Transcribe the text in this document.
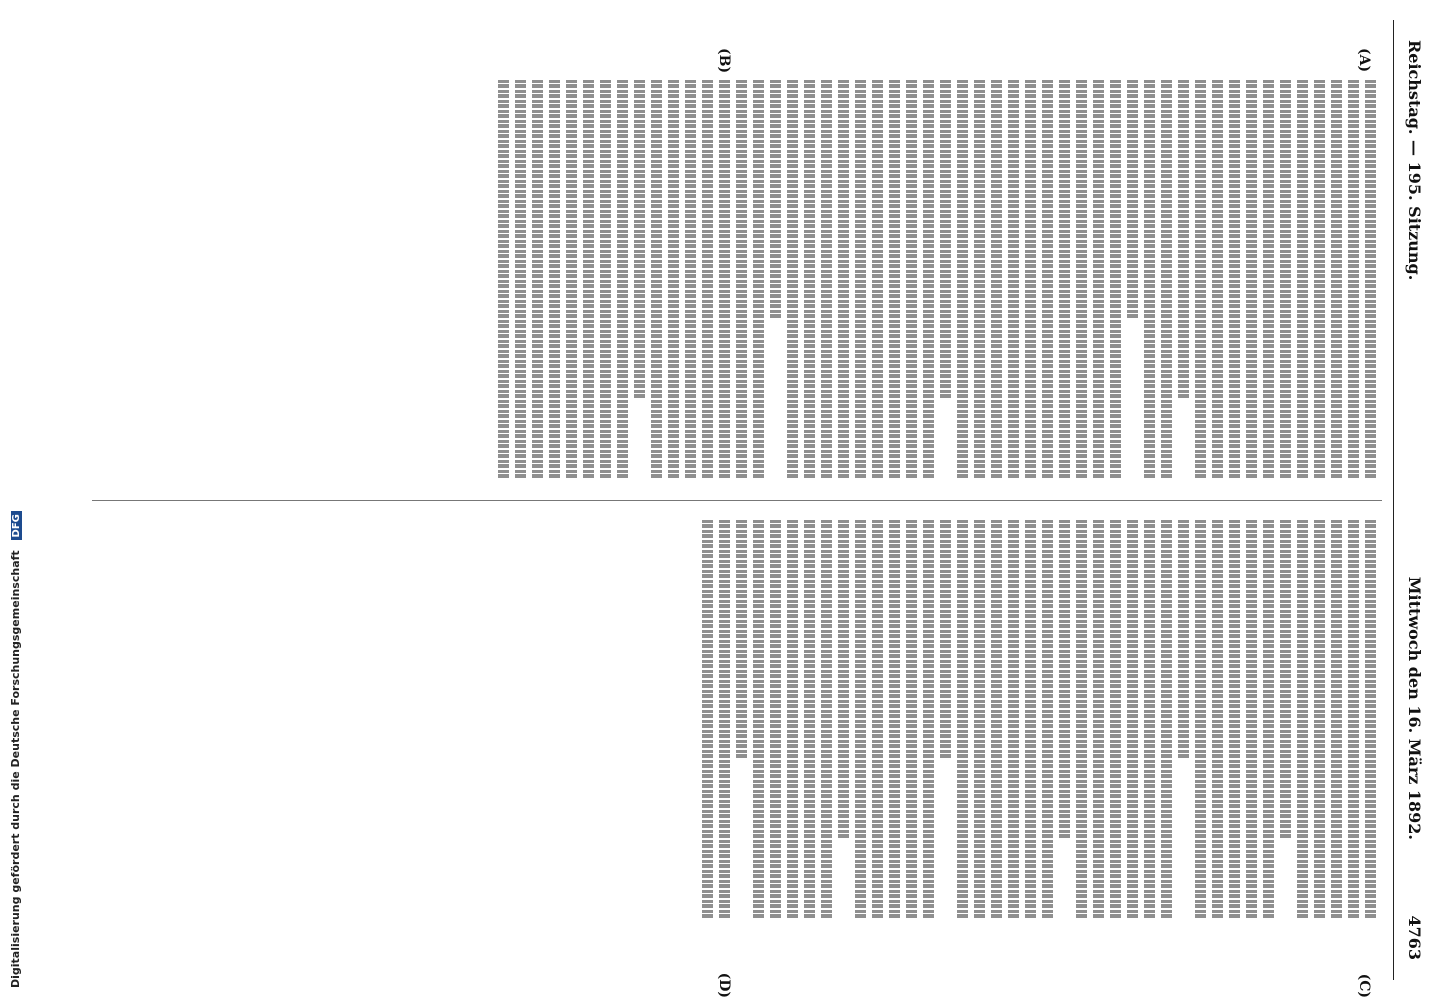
Reichstag. — 195. Sitzung.
Mittwoch den 16. März 1892.
4763
(A)
(B)
(C)
(D)
Digitalisierung gefördert durch die Deutsche Forschungsgemeinschaft DFG
